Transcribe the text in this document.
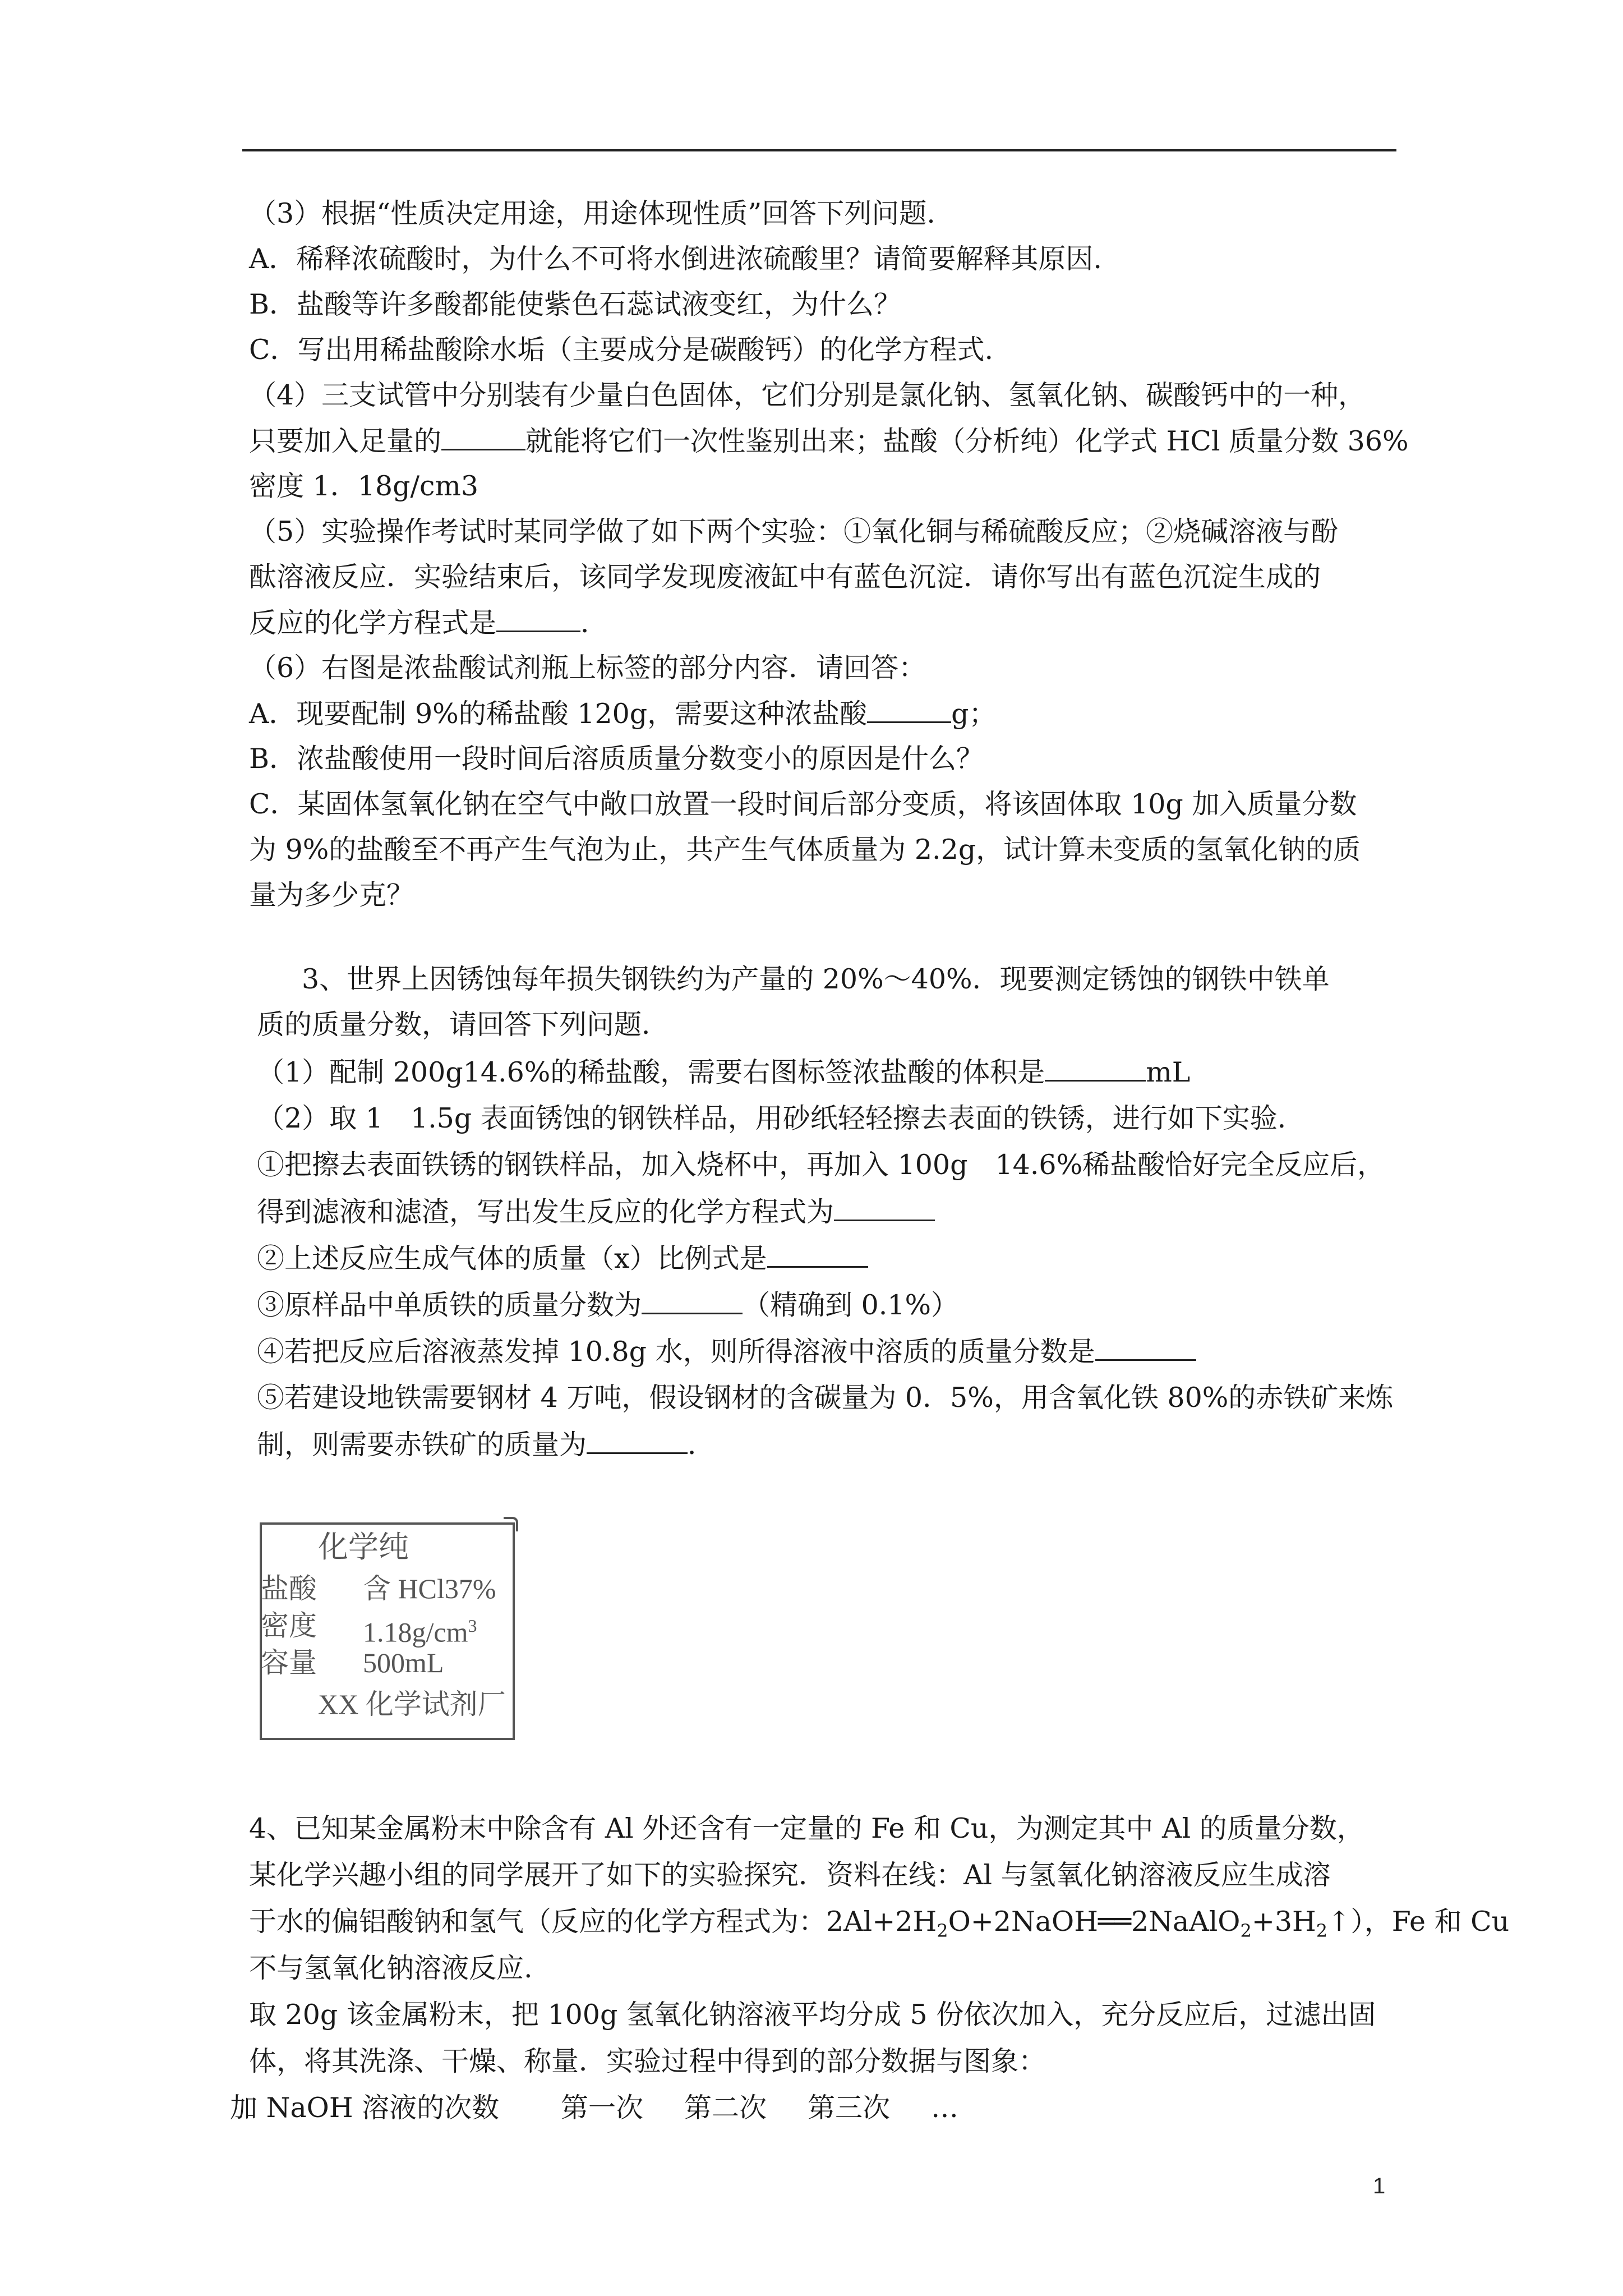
（3）根据“性质决定用途，用途体现性质”回答下列问题.
A．稀释浓硫酸时，为什么不可将水倒进浓硫酸里？请简要解释其原因.
B．盐酸等许多酸都能使紫色石蕊试液变红，为什么？
C．写出用稀盐酸除水垢（主要成分是碳酸钙）的化学方程式.
（4）三支试管中分别装有少量白色固体，它们分别是氯化钠、氢氧化钠、碳酸钙中的一种，
只要加入足量的	就能将它们一次性鉴别出来；盐酸（分析纯）化学式 HCl 质量分数 36%
密度 1．18g/cm3
（5）实验操作考试时某同学做了如下两个实验：①氧化铜与稀硫酸反应；②烧碱溶液与酚
酞溶液反应．实验结束后，该同学发现废液缸中有蓝色沉淀．请你写出有蓝色沉淀生成的
反应的化学方程式是	．
（6）右图是浓盐酸试剂瓶上标签的部分内容．请回答：
A．现要配制 9%的稀盐酸 120g，需要这种浓盐酸	g；
B．浓盐酸使用一段时间后溶质质量分数变小的原因是什么？
C．某固体氢氧化钠在空气中敞口放置一段时间后部分变质，将该固体取 10g 加入质量分数
为 9%的盐酸至不再产生气泡为止，共产生气体质量为 2.2g，试计算未变质的氢氧化钠的质
量为多少克？
3、世界上因锈蚀每年损失钢铁约为产量的 20%～40%．现要测定锈蚀的钢铁中铁单
质的质量分数，请回答下列问题．
（1）配制 200g14.6%的稀盐酸，需要右图标签浓盐酸的体积是	mL
（2）取 1　1.5g 表面锈蚀的钢铁样品，用砂纸轻轻擦去表面的铁锈，进行如下实验．
①把擦去表面铁锈的钢铁样品，加入烧杯中，再加入 100g　14.6%稀盐酸恰好完全反应后，
得到滤液和滤渣，写出发生反应的化学方程式为
②上述反应生成气体的质量（x）比例式是
③原样品中单质铁的质量分数为	（精确到 0.1%）
④若把反应后溶液蒸发掉 10.8g 水，则所得溶液中溶质的质量分数是
⑤若建设地铁需要钢材 4 万吨，假设钢材的含碳量为 0．5%，用含氧化铁 80%的赤铁矿来炼
制，则需要赤铁矿的质量为	．
化学纯
盐酸 含 HCl37%
密度 $1.18g/cm^3$
容量 500mL
XX 化学试剂厂
4、已知某金属粉末中除含有 Al 外还含有一定量的 Fe 和 Cu，为测定其中 Al 的质量分数，
某化学兴趣小组的同学展开了如下的实验探究．资料在线：Al 与氢氧化钠溶液反应生成溶
于水的偏铝酸钠和氢气（反应的化学方程式为：$2Al+2H_2O+2NaOH══2NaAlO_2+3H_2↑$），Fe 和 Cu
不与氢氧化钠溶液反应.
取 20g 该金属粉末，把 100g 氢氧化钠溶液平均分成 5 份依次加入，充分反应后，过滤出固
体，将其洗涤、干燥、称量．实验过程中得到的部分数据与图象：
加 NaOH 溶液的次数 第一次 第二次 第三次 …
1
